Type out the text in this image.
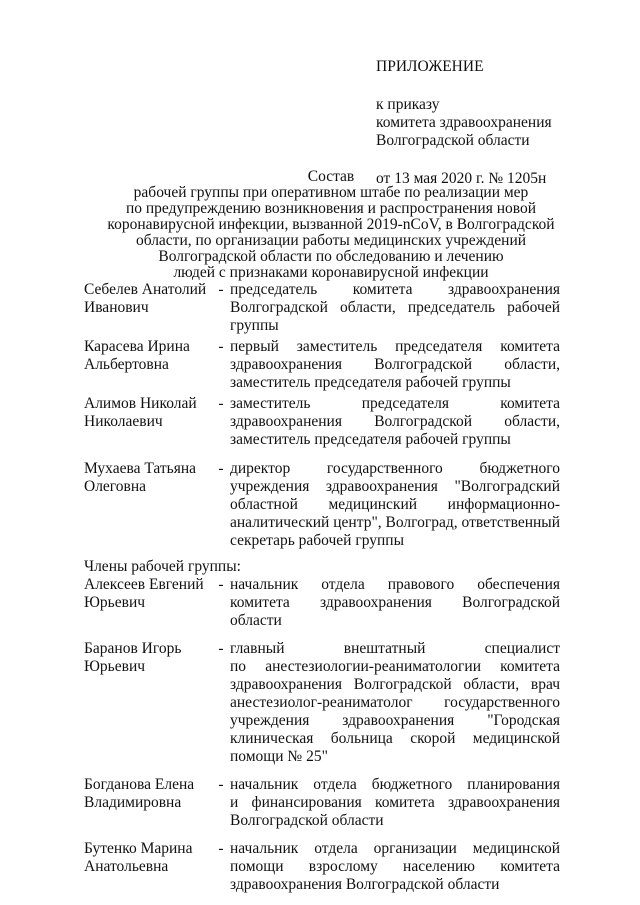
ПРИЛОЖЕНИЕ
к приказу
комитета здравоохранения
Волгоградской области
от 13 мая 2020 г. № 1205н
Состав
рабочей группы при оперативном штабе по реализации мер
по предупреждению возникновения и распространения новой
коронавирусной инфекции, вызванной 2019-nCoV, в Волгоградской
области, по организации работы медицинских учреждений
Волгоградской области по обследованию и лечению
людей с признаками коронавирусной инфекции
Себелев Анатолий
Иванович
- председатель комитета здравоохранения
Волгоградской области, председатель рабочей
группы
Карасева Ирина
Альбертовна
- первый заместитель председателя комитета
здравоохранения Волгоградской области,
заместитель председателя рабочей группы
Алимов Николай
Николаевич
- заместитель председателя комитета
здравоохранения Волгоградской области,
заместитель председателя рабочей группы
Мухаева Татьяна
Олеговна
- директор государственного бюджетного
учреждения здравоохранения "Волгоградский
областной медицинский информационно-
аналитический центр", Волгоград, ответственный
секретарь рабочей группы
Члены рабочей группы:
Алексеев Евгений
Юрьевич
- начальник отдела правового обеспечения
комитета здравоохранения Волгоградской области
Баранов Игорь
Юрьевич
- главный внештатный специалист
по анестезиологии-реаниматологии комитета
здравоохранения Волгоградской области, врач
анестезиолог-реаниматолог государственного
учреждения здравоохранения "Городская
клиническая больница скорой медицинской
помощи № 25"
Богданова Елена
Владимировна
- начальник отдела бюджетного планирования
и финансирования комитета здравоохранения
Волгоградской области
Бутенко Марина
Анатольевна
- начальник отдела организации медицинской
помощи взрослому населению комитета
здравоохранения Волгоградской области
